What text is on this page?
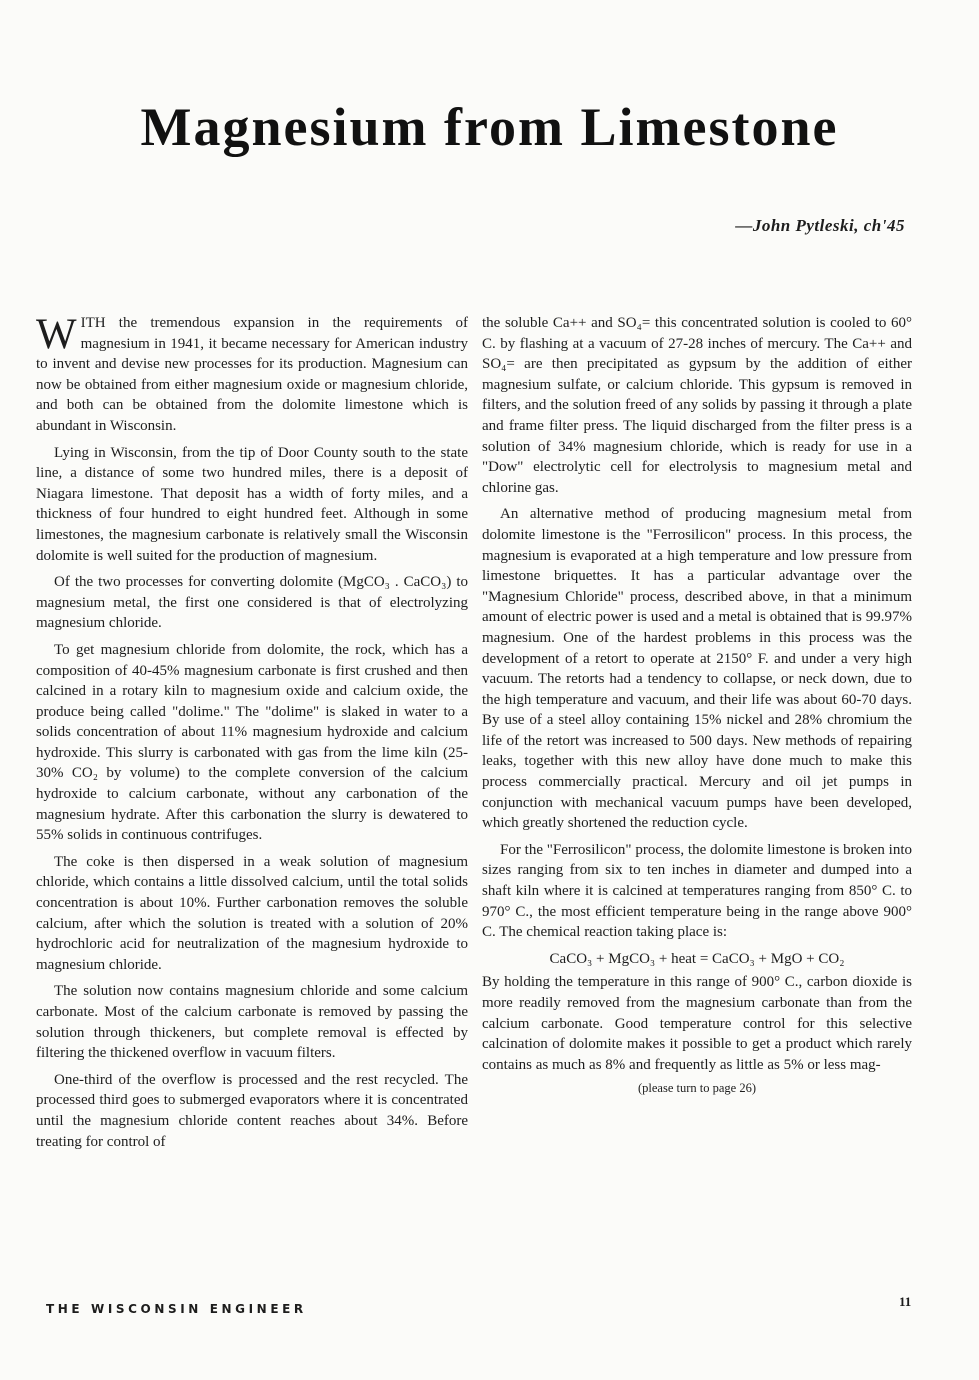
Magnesium from Limestone
—John Pytleski, ch'45

WITH the tremendous expansion in the requirements of magnesium in 1941, it became necessary for American industry to invent and devise new processes for its production. Magnesium can now be obtained from either magnesium oxide or magnesium chloride, and both can be obtained from the dolomite limestone which is abundant in Wisconsin.

Lying in Wisconsin, from the tip of Door County south to the state line, a distance of some two hundred miles, there is a deposit of Niagara limestone. That deposit has a width of forty miles, and a thickness of four hundred to eight hundred feet. Although in some limestones, the magnesium carbonate is relatively small the Wisconsin dolomite is well suited for the production of magnesium.

Of the two processes for converting dolomite (MgCO₃ . CaCO₃) to magnesium metal, the first one considered is that of electrolyzing magnesium chloride.

To get magnesium chloride from dolomite, the rock, which has a composition of 40-45% magnesium carbonate is first crushed and then calcined in a rotary kiln to magnesium oxide and calcium oxide, the produce being called "dolime." The "dolime" is slaked in water to a solids concentration of about 11% magnesium hydroxide and calcium hydroxide. This slurry is carbonated with gas from the lime kiln (25-30% CO₂ by volume) to the complete conversion of the calcium hydroxide to calcium carbonate, without any carbonation of the magnesium hydrate. After this carbonation the slurry is dewatered to 55% solids in continuous contrifuges.

The coke is then dispersed in a weak solution of magnesium chloride, which contains a little dissolved calcium, until the total solids concentration is about 10%. Further carbonation removes the soluble calcium, after which the solution is treated with a solution of 20% hydrochloric acid for neutralization of the magnesium hydroxide to magnesium chloride.

The solution now contains magnesium chloride and some calcium carbonate. Most of the calcium carbonate is removed by passing the solution through thickeners, but complete removal is effected by filtering the thickened overflow in vacuum filters.

One-third of the overflow is processed and the rest recycled. The processed third goes to submerged evaporators where it is concentrated until the magnesium chloride content reaches about 34%. Before treating for control of

the soluble Ca++ and SO₄= this concentrated solution is cooled to 60° C. by flashing at a vacuum of 27-28 inches of mercury. The Ca++ and SO₄= are then precipitated as gypsum by the addition of either magnesium sulfate, or calcium chloride. This gypsum is removed in filters, and the solution freed of any solids by passing it through a plate and frame filter press. The liquid discharged from the filter press is a solution of 34% magnesium chloride, which is ready for use in a "Dow" electrolytic cell for electrolysis to magnesium metal and chlorine gas.

An alternative method of producing magnesium metal from dolomite limestone is the "Ferrosilicon" process. In this process, the magnesium is evaporated at a high temperature and low pressure from limestone briquettes. It has a particular advantage over the "Magnesium Chloride" process, described above, in that a minimum amount of electric power is used and a metal is obtained that is 99.97% magnesium. One of the hardest problems in this process was the development of a retort to operate at 2150° F. and under a very high vacuum. The retorts had a tendency to collapse, or neck down, due to the high temperature and vacuum, and their life was about 60-70 days. By use of a steel alloy containing 15% nickel and 28% chromium the life of the retort was increased to 500 days. New methods of repairing leaks, together with this new alloy have done much to make this process commercially practical. Mercury and oil jet pumps in conjunction with mechanical vacuum pumps have been developed, which greatly shortened the reduction cycle.

For the "Ferrosilicon" process, the dolomite limestone is broken into sizes ranging from six to ten inches in diameter and dumped into a shaft kiln where it is calcined at temperatures ranging from 850° C. to 970° C., the most efficient temperature being in the range above 900° C. The chemical reaction taking place is:

CaCO₃ + MgCO₃ + heat = CaCO₃ + MgO + CO₂

By holding the temperature in this range of 900° C., carbon dioxide is more readily removed from the magnesium carbonate than from the calcium carbonate. Good temperature control for this selective calcination of dolomite makes it possible to get a product which rarely contains as much as 8% and frequently as little as 5% or less mag-

(please turn to page 26)

THE WISCONSIN ENGINEER	11
